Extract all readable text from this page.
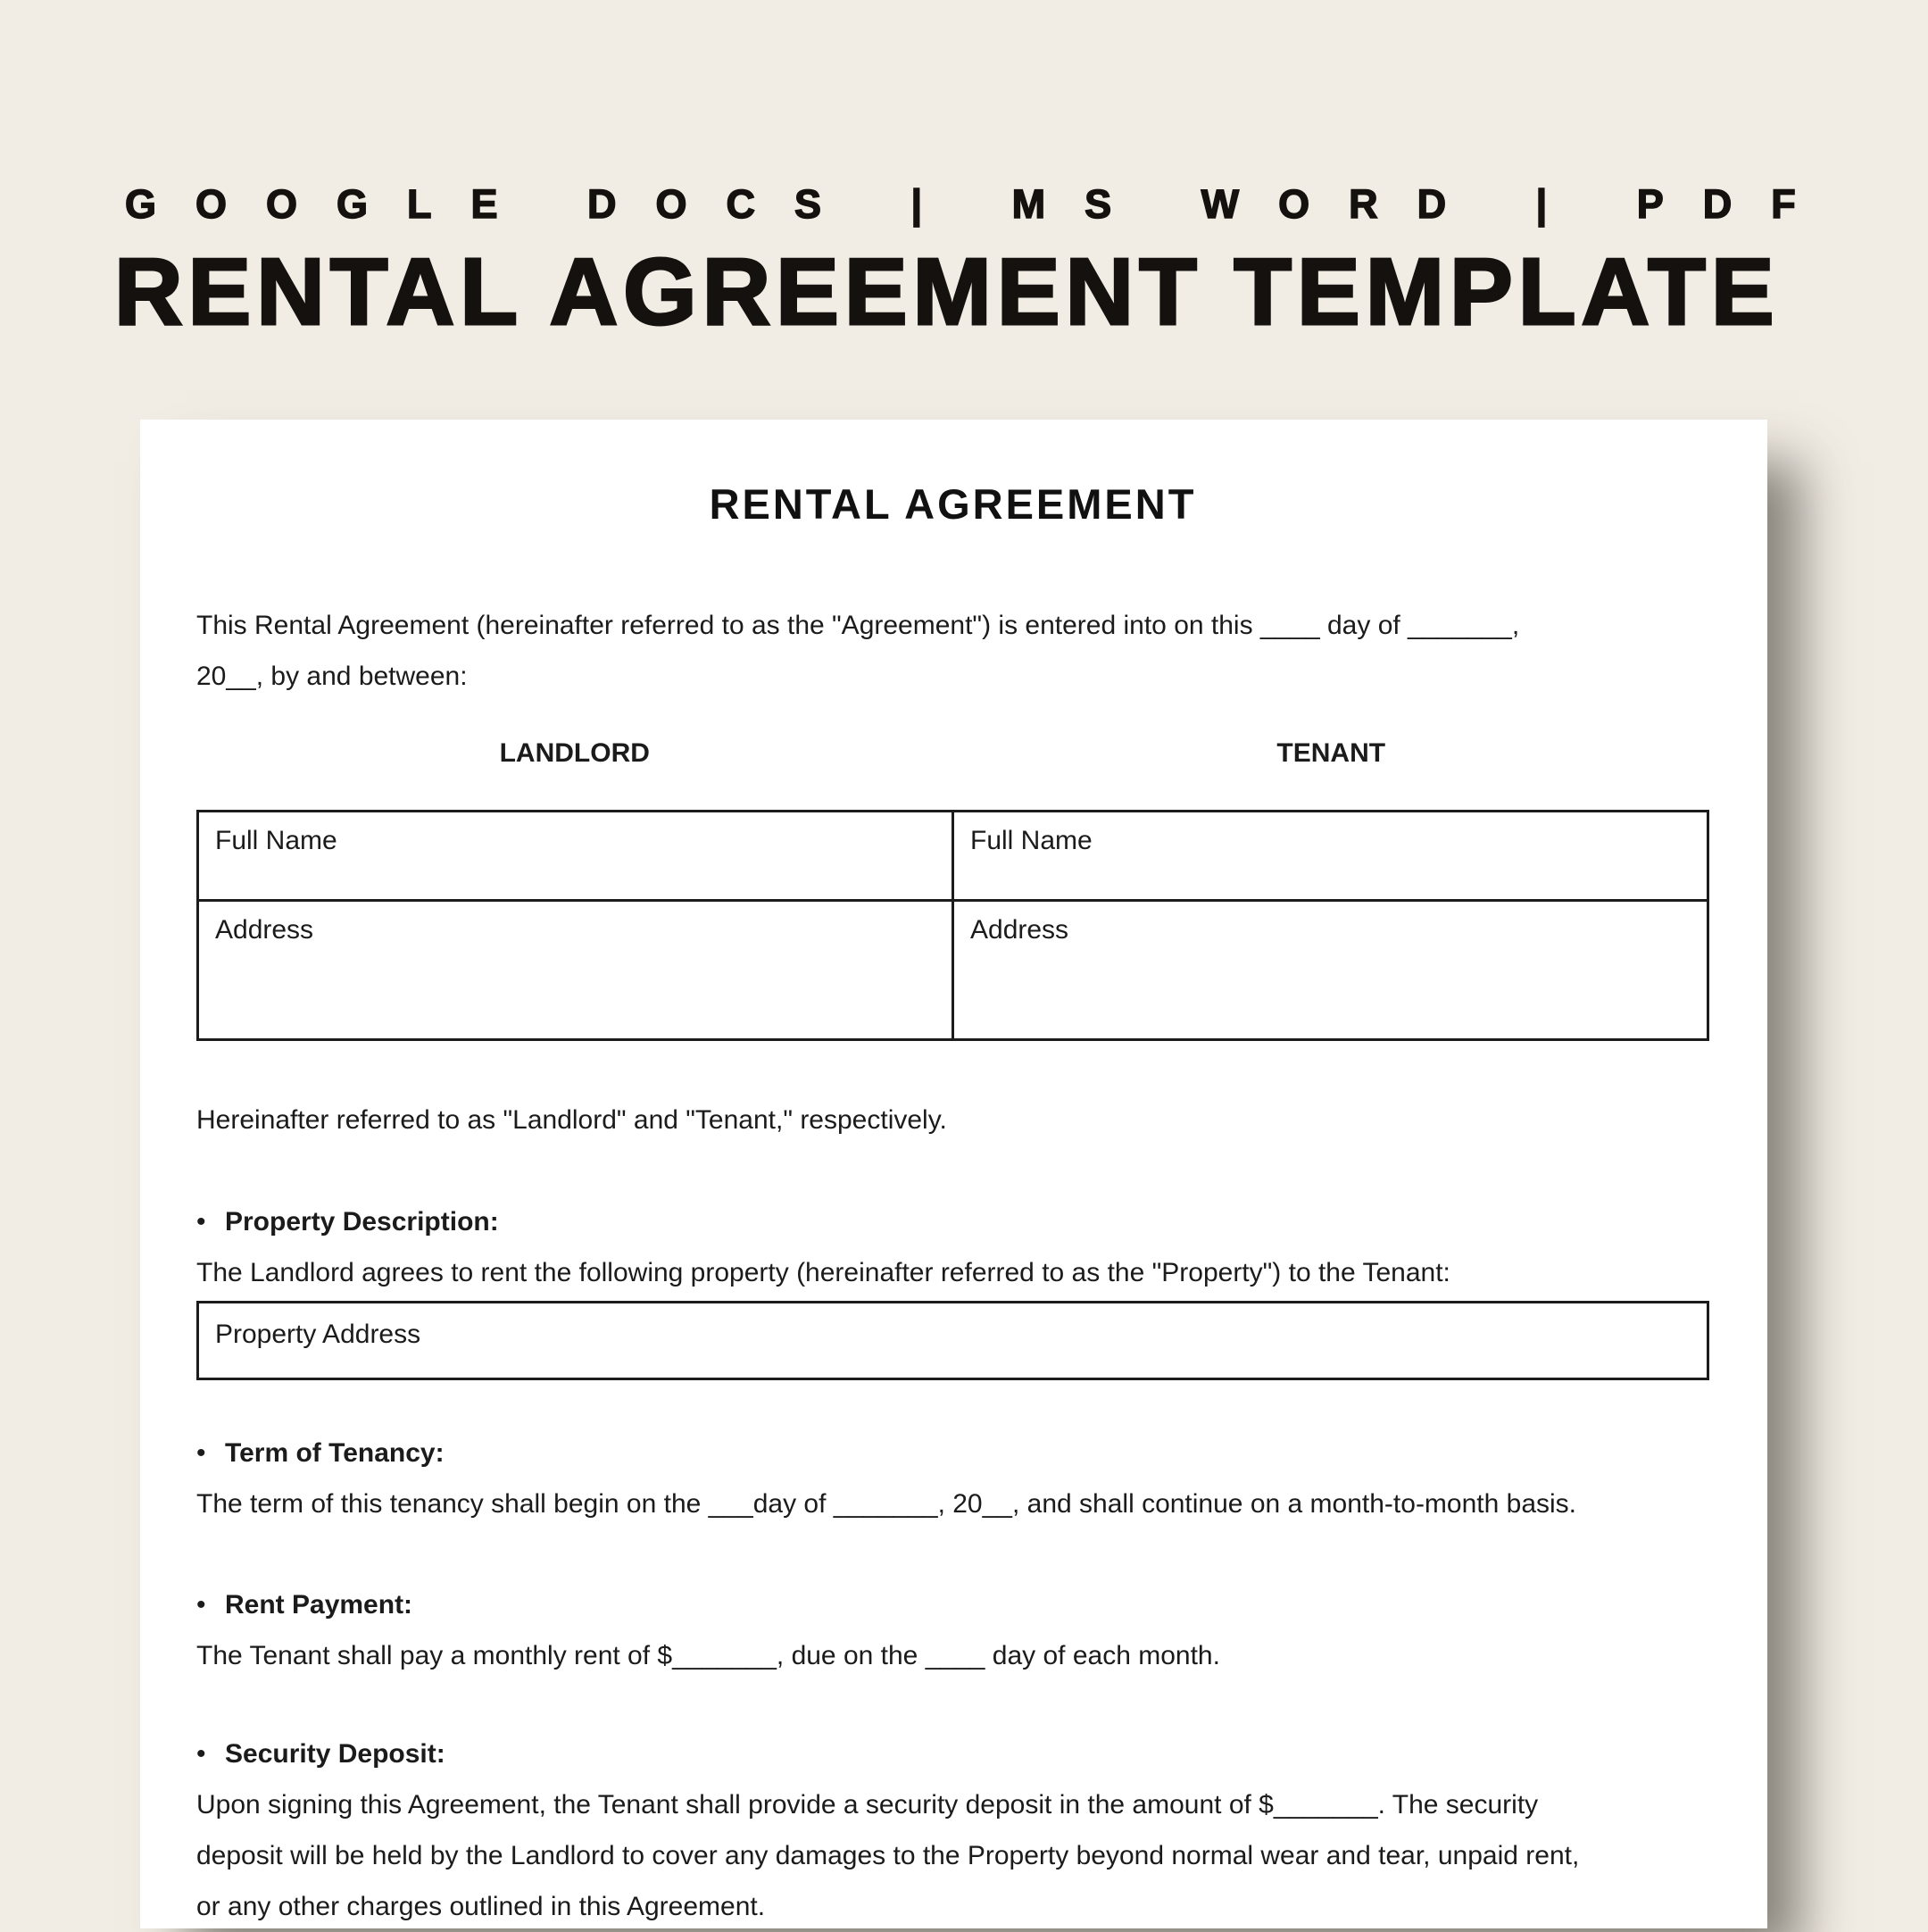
GOOGLE DOCS | MS WORD | PDF
RENTAL AGREEMENT TEMPLATE
RENTAL AGREEMENT
This Rental Agreement (hereinafter referred to as the "Agreement") is entered into on this ____ day of _______,
20__, by and between:
LANDLORD	TENANT
Full Name	Full Name
Address	Address
Hereinafter referred to as "Landlord" and "Tenant," respectively.
• Property Description:
The Landlord agrees to rent the following property (hereinafter referred to as the "Property") to the Tenant:
Property Address
• Term of Tenancy:
The term of this tenancy shall begin on the ___day of _______, 20__, and shall continue on a month-to-month basis.
• Rent Payment:
The Tenant shall pay a monthly rent of $_______, due on the ____ day of each month.
• Security Deposit:
Upon signing this Agreement, the Tenant shall provide a security deposit in the amount of $_______. The security
deposit will be held by the Landlord to cover any damages to the Property beyond normal wear and tear, unpaid rent,
or any other charges outlined in this Agreement.
